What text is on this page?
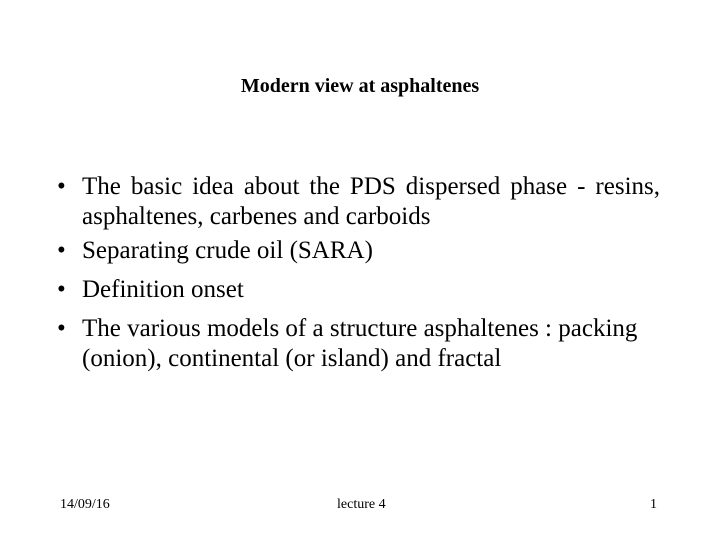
Modern view at asphaltenes
• The basic idea about the PDS dispersed phase - resins, asphaltenes, carbenes and carboids
• Separating crude oil (SARA)
• Definition onset
• The various models of a structure asphaltenes : packing (onion), continental (or island) and fractal
14/09/16	lecture 4	1
